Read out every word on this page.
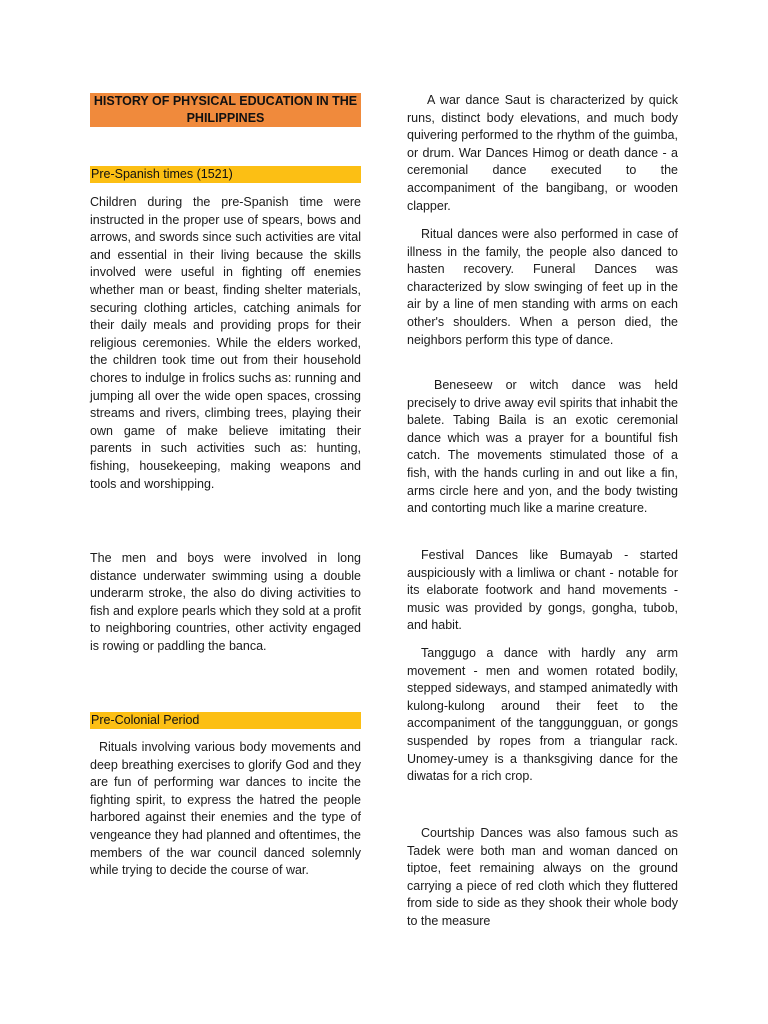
HISTORY OF PHYSICAL EDUCATION IN THE PHILIPPINES
Pre-Spanish times (1521)

Children during the pre-Spanish time were instructed in the proper use of spears, bows and arrows, and swords since such activities are vital and essential in their living because the skills involved were useful in fighting off enemies whether man or beast, finding shelter materials, securing clothing articles, catching animals for their daily meals and providing props for their religious ceremonies. While the elders worked, the children took time out from their household chores to indulge in frolics suchs as: running and jumping all over the wide open spaces, crossing streams and rivers, climbing trees, playing their own game of make believe imitating their parents in such activities such as: hunting, fishing, housekeeping, making weapons and tools and worshipping.

The men and boys were involved in long distance underwater swimming using a double underarm stroke, the also do diving activities to fish and explore pearls which they sold at a profit to neighboring countries, other activity engaged is rowing or paddling the banca.

Pre-Colonial Period

Rituals involving various body movements and deep breathing exercises to glorify God and they are fun of performing war dances to incite the fighting spirit, to express the hatred the people harbored against their enemies and the type of vengeance they had planned and oftentimes, the members of the war council danced solemnly while trying to decide the course of war.

A war dance Saut is characterized by quick runs, distinct body elevations, and much body quivering performed to the rhythm of the guimba, or drum. War Dances Himog or death dance - a ceremonial dance executed to the accompaniment of the bangibang, or wooden clapper.

Ritual dances were also performed in case of illness in the family, the people also danced to hasten recovery. Funeral Dances was characterized by slow swinging of feet up in the air by a line of men standing with arms on each other's shoulders. When a person died, the neighbors perform this type of dance.

Beneseew or witch dance was held precisely to drive away evil spirits that inhabit the balete. Tabing Baila is an exotic ceremonial dance which was a prayer for a bountiful fish catch. The movements stimulated those of a fish, with the hands curling in and out like a fin, arms circle here and yon, and the body twisting and contorting much like a marine creature.

Festival Dances like Bumayab - started auspiciously with a limliwa or chant - notable for its elaborate footwork and hand movements - music was provided by gongs, gongha, tubob, and habit.

Tanggugo a dance with hardly any arm movement - men and women rotated bodily, stepped sideways, and stamped animatedly with kulong-kulong around their feet to the accompaniment of the tanggungguan, or gongs suspended by ropes from a triangular rack. Unomey-umey is a thanksgiving dance for the diwatas for a rich crop.

Courtship Dances was also famous such as Tadek were both man and woman danced on tiptoe, feet remaining always on the ground carrying a piece of red cloth which they fluttered from side to side as they shook their whole body to the measure
